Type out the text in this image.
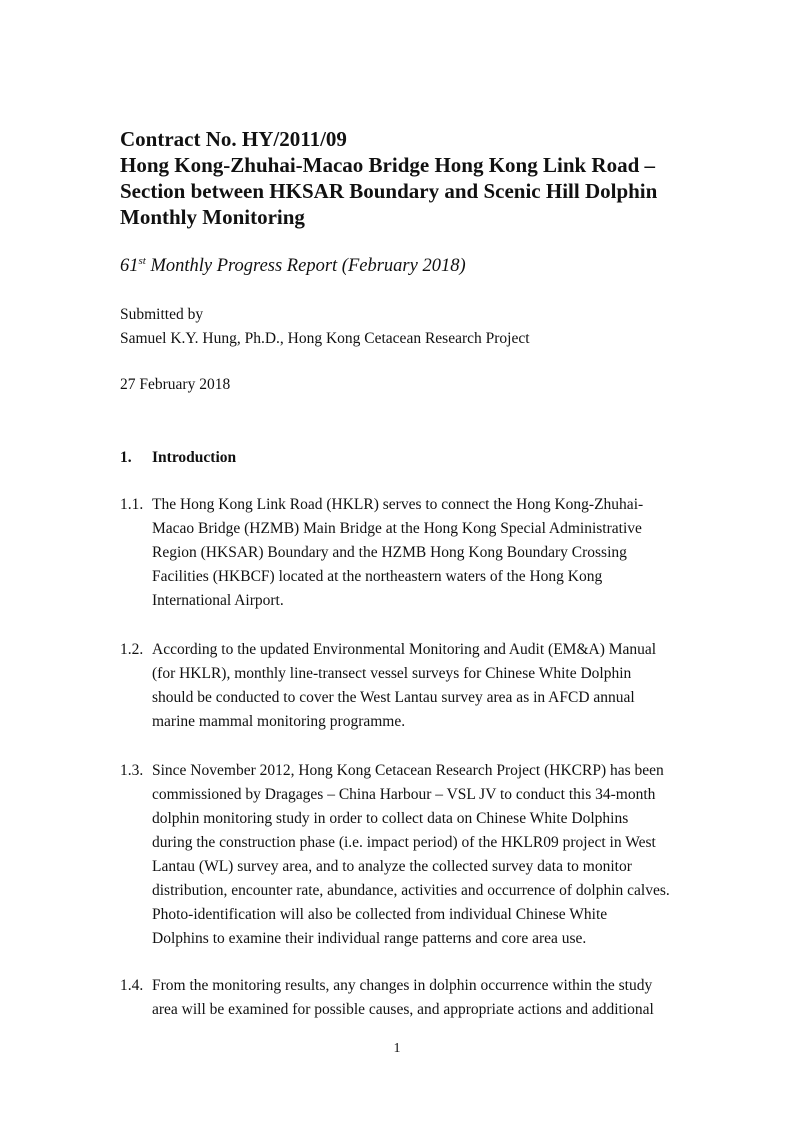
Contract No. HY/2011/09

Hong Kong-Zhuhai-Macao Bridge Hong Kong Link Road –

Section between HKSAR Boundary and Scenic Hill Dolphin

Monthly Monitoring

61st Monthly Progress Report (February 2018)
Submitted by
Samuel K.Y. Hung, Ph.D., Hong Kong Cetacean Research Project
27 February 2018
1. Introduction
1.1. The Hong Kong Link Road (HKLR) serves to connect the Hong Kong-Zhuhai-
Macao Bridge (HZMB) Main Bridge at the Hong Kong Special Administrative
Region (HKSAR) Boundary and the HZMB Hong Kong Boundary Crossing
Facilities (HKBCF) located at the northeastern waters of the Hong Kong
International Airport.
1.2. According to the updated Environmental Monitoring and Audit (EM&A) Manual
(for HKLR), monthly line-transect vessel surveys for Chinese White Dolphin
should be conducted to cover the West Lantau survey area as in AFCD annual
marine mammal monitoring programme.
1.3. Since November 2012, Hong Kong Cetacean Research Project (HKCRP) has been
commissioned by Dragages – China Harbour – VSL JV to conduct this 34-month
dolphin monitoring study in order to collect data on Chinese White Dolphins
during the construction phase (i.e. impact period) of the HKLR09 project in West
Lantau (WL) survey area, and to analyze the collected survey data to monitor
distribution, encounter rate, abundance, activities and occurrence of dolphin calves.
Photo-identification will also be collected from individual Chinese White
Dolphins to examine their individual range patterns and core area use.
1.4. From the monitoring results, any changes in dolphin occurrence within the study
area will be examined for possible causes, and appropriate actions and additional
1
